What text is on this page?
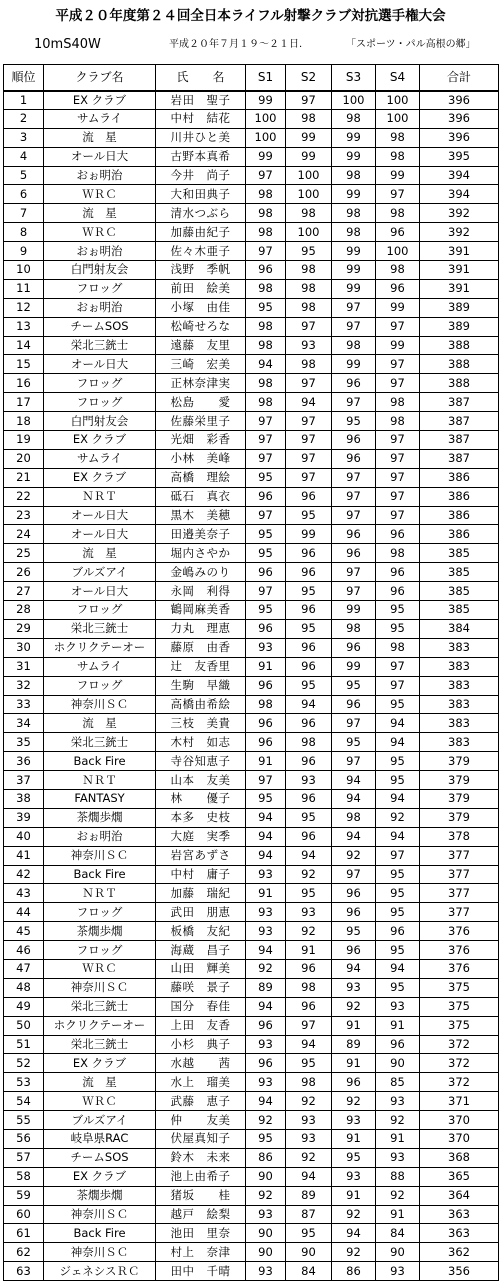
平成２０年度第２４回全日本ライフル射撃クラブ対抗選手権大会
10mS40W	平成２０年７月１９～２１日.	「スポーツ・パル高根の郷」
順位	クラブ名	氏　　名	S1	S2	S3	S4	合計
1	EX クラブ	岩田　聖子	99	97	100	100	396
2	サムライ	中村　結花	100	98	98	100	396
3	流　星	川井ひと美	100	99	99	98	396
4	オール日大	古野本真希	99	99	99	98	395
5	おぉ明治	今井　尚子	97	100	98	99	394
6	ＷＲＣ	大和田典子	98	100	99	97	394
7	流　星	清水つぶら	98	98	98	98	392
8	ＷＲＣ	加藤由紀子	98	100	98	96	392
9	おぉ明治	佐々木亜子	97	95	99	100	391
10	白門射友会	浅野　季帆	96	98	99	98	391
11	フロッグ	前田　絵美	98	98	99	96	391
12	おぉ明治	小塚　由佳	95	98	97	99	389
13	チームSOS	松崎せろな	98	97	97	97	389
14	栄北三銃士	遠藤　友里	98	93	98	99	388
15	オール日大	三崎　宏美	94	98	99	97	388
16	フロッグ	正林奈津実	98	97	96	97	388
17	フロッグ	松島　　愛	98	94	97	98	387
18	白門射友会	佐藤栄里子	97	97	95	98	387
19	EX クラブ	光畑　彩香	97	97	96	97	387
20	サムライ	小林　美峰	97	97	96	97	387
21	EX クラブ	高橋　理絵	95	97	97	97	386
22	ＮＲＴ	砥石　真衣	96	96	97	97	386
23	オール日大	黒木　美穂	97	95	97	97	386
24	オール日大	田邉美奈子	95	99	96	96	386
25	流　星	堀内さやか	95	96	96	98	385
26	ブルズアイ	金嶋みのり	96	96	97	96	385
27	オール日大	永岡　利得	97	95	97	96	385
28	フロッグ	鶴岡麻美香	95	96	99	95	385
29	栄北三銃士	力丸　理恵	96	95	98	95	384
30	ホクリクテーオー	藤原　由香	93	96	96	98	383
31	サムライ	辻　友香里	91	96	99	97	383
32	フロッグ	生駒　早織	96	95	95	97	383
33	神奈川ＳＣ	高橋由希絵	98	94	96	95	383
34	流　星	三枝　美貴	96	96	97	94	383
35	栄北三銃士	木村　如志	96	98	95	94	383
36	Back Fire	寺谷知恵子	91	96	97	95	379
37	ＮＲＴ	山本　友美	97	93	94	95	379
38	FANTASY	林　　優子	95	96	94	94	379
39	茶燗歩燗	本多　史枝	94	95	98	92	379
40	おぉ明治	大庭　実季	94	96	94	94	378
41	神奈川ＳＣ	岩宮あずさ	94	94	92	97	377
42	Back Fire	中村　庸子	93	92	97	95	377
43	ＮＲＴ	加藤　瑞紀	91	95	96	95	377
44	フロッグ	武田　朋恵	93	93	96	95	377
45	茶燗歩燗	板橋　友紀	93	92	95	96	376
46	フロッグ	海蔵　昌子	94	91	96	95	376
47	ＷＲＣ	山田　輝美	92	96	94	94	376
48	神奈川ＳＣ	藤咲　景子	89	98	93	95	375
49	栄北三銃士	国分　春佳	94	96	92	93	375
50	ホクリクテーオー	上田　友香	96	97	91	91	375
51	栄北三銃士	小杉　典子	93	94	89	96	372
52	EX クラブ	水越　　茜	96	95	91	90	372
53	流　星	水上　瑠美	93	98	96	85	372
54	ＷＲＣ	武藤　恵子	94	92	92	93	371
55	ブルズアイ	仲　　友美	92	93	93	92	370
56	岐阜県RAC	伏屋真知子	95	93	91	91	370
57	チームSOS	鈴木　未来	86	92	95	93	368
58	EX クラブ	池上由希子	90	94	93	88	365
59	茶燗歩燗	猪坂　　桂	92	89	91	92	364
60	神奈川ＳＣ	越戸　絵梨	93	87	92	91	363
61	Back Fire	池田　里奈	90	95	94	84	363
62	神奈川ＳＣ	村上　奈津	90	90	92	90	362
63	ジェネシスＲＣ	田中　千晴	93	84	86	93	356
